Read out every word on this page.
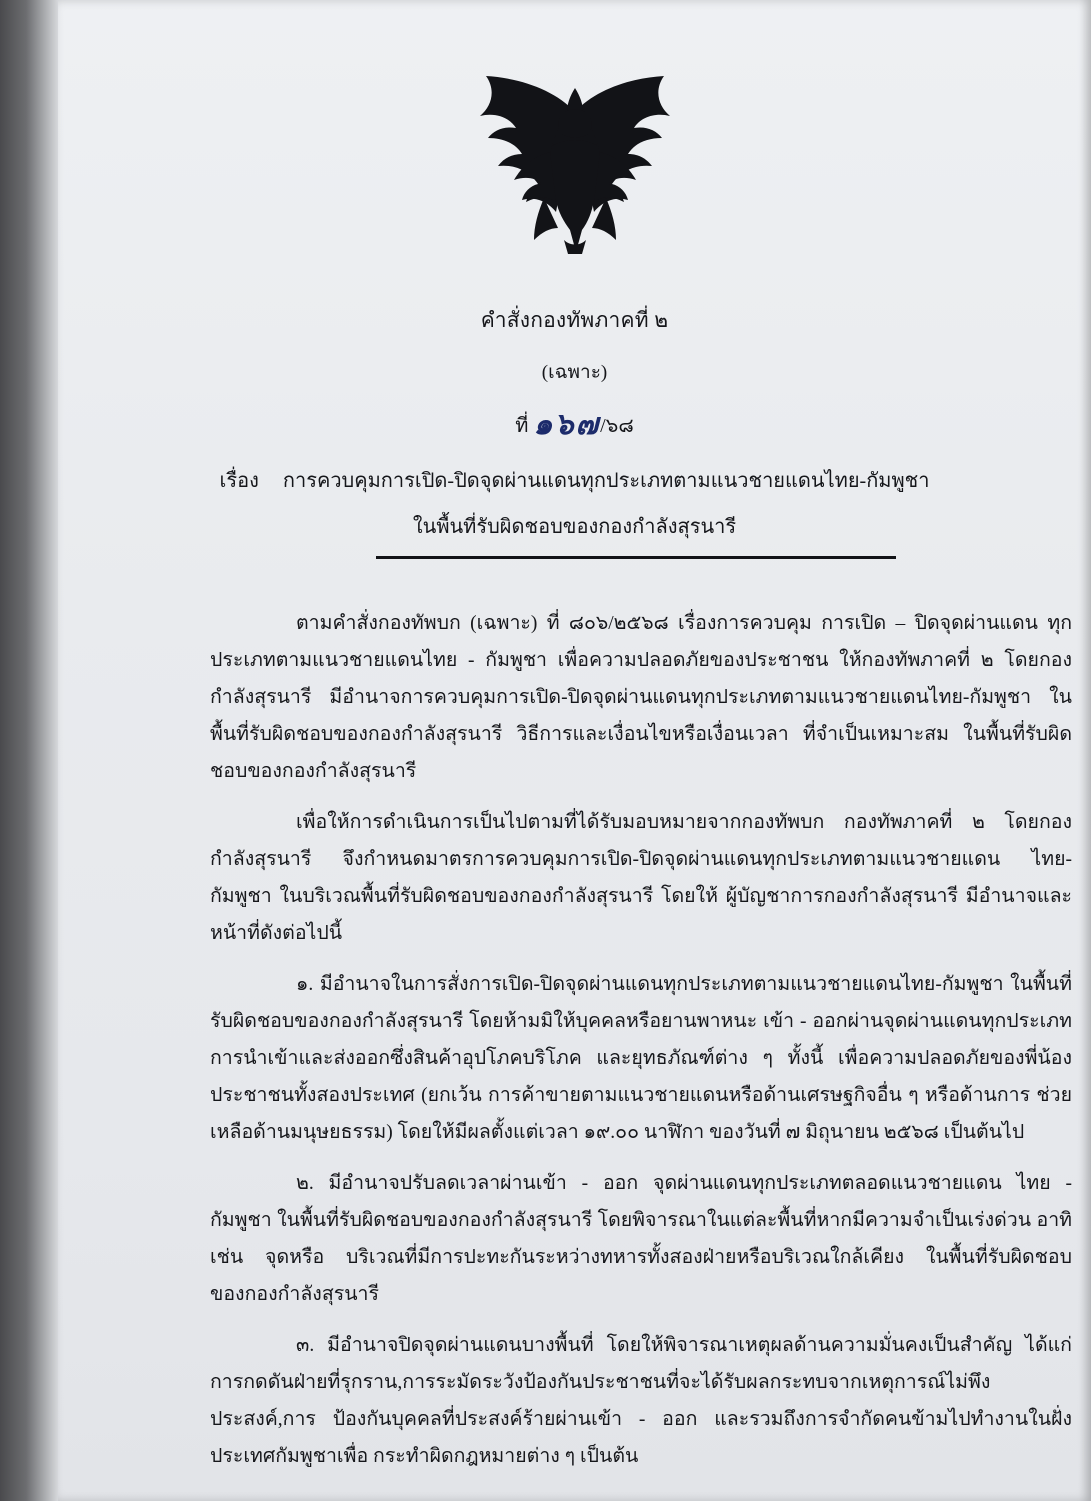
คำสั่งกองทัพภาคที่ ๒
(เฉพาะ)
ที่ ๑๖๗/๖๘
เรื่อง การควบคุมการเปิด-ปิดจุดผ่านแดนทุกประเภทตามแนวชายแดนไทย-กัมพูชา
ในพื้นที่รับผิดชอบของกองกำลังสุรนารี

ตามคำสั่งกองทัพบก (เฉพาะ) ที่ ๘๐๖/๒๕๖๘ เรื่องการควบคุม การเปิด – ปิดจุดผ่านแดน ทุกประเภทตามแนวชายแดนไทย - กัมพูชา เพื่อความปลอดภัยของประชาชน ให้กองทัพภาคที่ ๒ โดยกองกำลังสุรนารี มีอำนาจการควบคุมการเปิด-ปิดจุดผ่านแดนทุกประเภทตามแนวชายแดนไทย-กัมพูชา ในพื้นที่รับผิดชอบของกองกำลังสุรนารี วิธีการและเงื่อนไขหรือเงื่อนเวลา ที่จำเป็นเหมาะสม ในพื้นที่รับผิดชอบของกองกำลังสุรนารี

เพื่อให้การดำเนินการเป็นไปตามที่ได้รับมอบหมายจากกองทัพบก กองทัพภาคที่ ๒ โดยกองกำลังสุรนารี จึงกำหนดมาตรการควบคุมการเปิด-ปิดจุดผ่านแดนทุกประเภทตามแนวชายแดน ไทย-กัมพูชา ในบริเวณพื้นที่รับผิดชอบของกองกำลังสุรนารี โดยให้ ผู้บัญชาการกองกำลังสุรนารี มีอำนาจและหน้าที่ดังต่อไปนี้

๑. มีอำนาจในการสั่งการเปิด-ปิดจุดผ่านแดนทุกประเภทตามแนวชายแดนไทย-กัมพูชา ในพื้นที่ รับผิดชอบของกองกำลังสุรนารี โดยห้ามมิให้บุคคลหรือยานพาหนะ เข้า - ออกผ่านจุดผ่านแดนทุกประเภท การนำเข้าและส่งออกซึ่งสินค้าอุปโภคบริโภค และยุทธภัณฑ์ต่าง ๆ ทั้งนี้ เพื่อความปลอดภัยของพี่น้อง ประชาชนทั้งสองประเทศ (ยกเว้น การค้าขายตามแนวชายแดนหรือด้านเศรษฐกิจอื่น ๆ หรือด้านการ ช่วยเหลือด้านมนุษยธรรม) โดยให้มีผลตั้งแต่เวลา ๑๙.๐๐ นาฬิกา ของวันที่ ๗ มิถุนายน ๒๕๖๘ เป็นต้นไป

๒. มีอำนาจปรับลดเวลาผ่านเข้า - ออก จุดผ่านแดนทุกประเภทตลอดแนวชายแดน ไทย - กัมพูชา ในพื้นที่รับผิดชอบของกองกำลังสุรนารี โดยพิจารณาในแต่ละพื้นที่หากมีความจำเป็นเร่งด่วน อาทิเช่น จุดหรือ บริเวณที่มีการปะทะกันระหว่างทหารทั้งสองฝ่ายหรือบริเวณใกล้เคียง ในพื้นที่รับผิดชอบของกองกำลังสุรนารี

๓. มีอำนาจปิดจุดผ่านแดนบางพื้นที่ โดยให้พิจารณาเหตุผลด้านความมั่นคงเป็นสำคัญ ได้แก่ การกดดันฝ่ายที่รุกราน,การระมัดระวังป้องกันประชาชนที่จะได้รับผลกระทบจากเหตุการณ์ไม่พึงประสงค์,การ ป้องกันบุคคลที่ประสงค์ร้ายผ่านเข้า - ออก และรวมถึงการจำกัดคนข้ามไปทำงานในฝั่งประเทศกัมพูชาเพื่อ กระทำผิดกฎหมายต่าง ๆ เป็นต้น
